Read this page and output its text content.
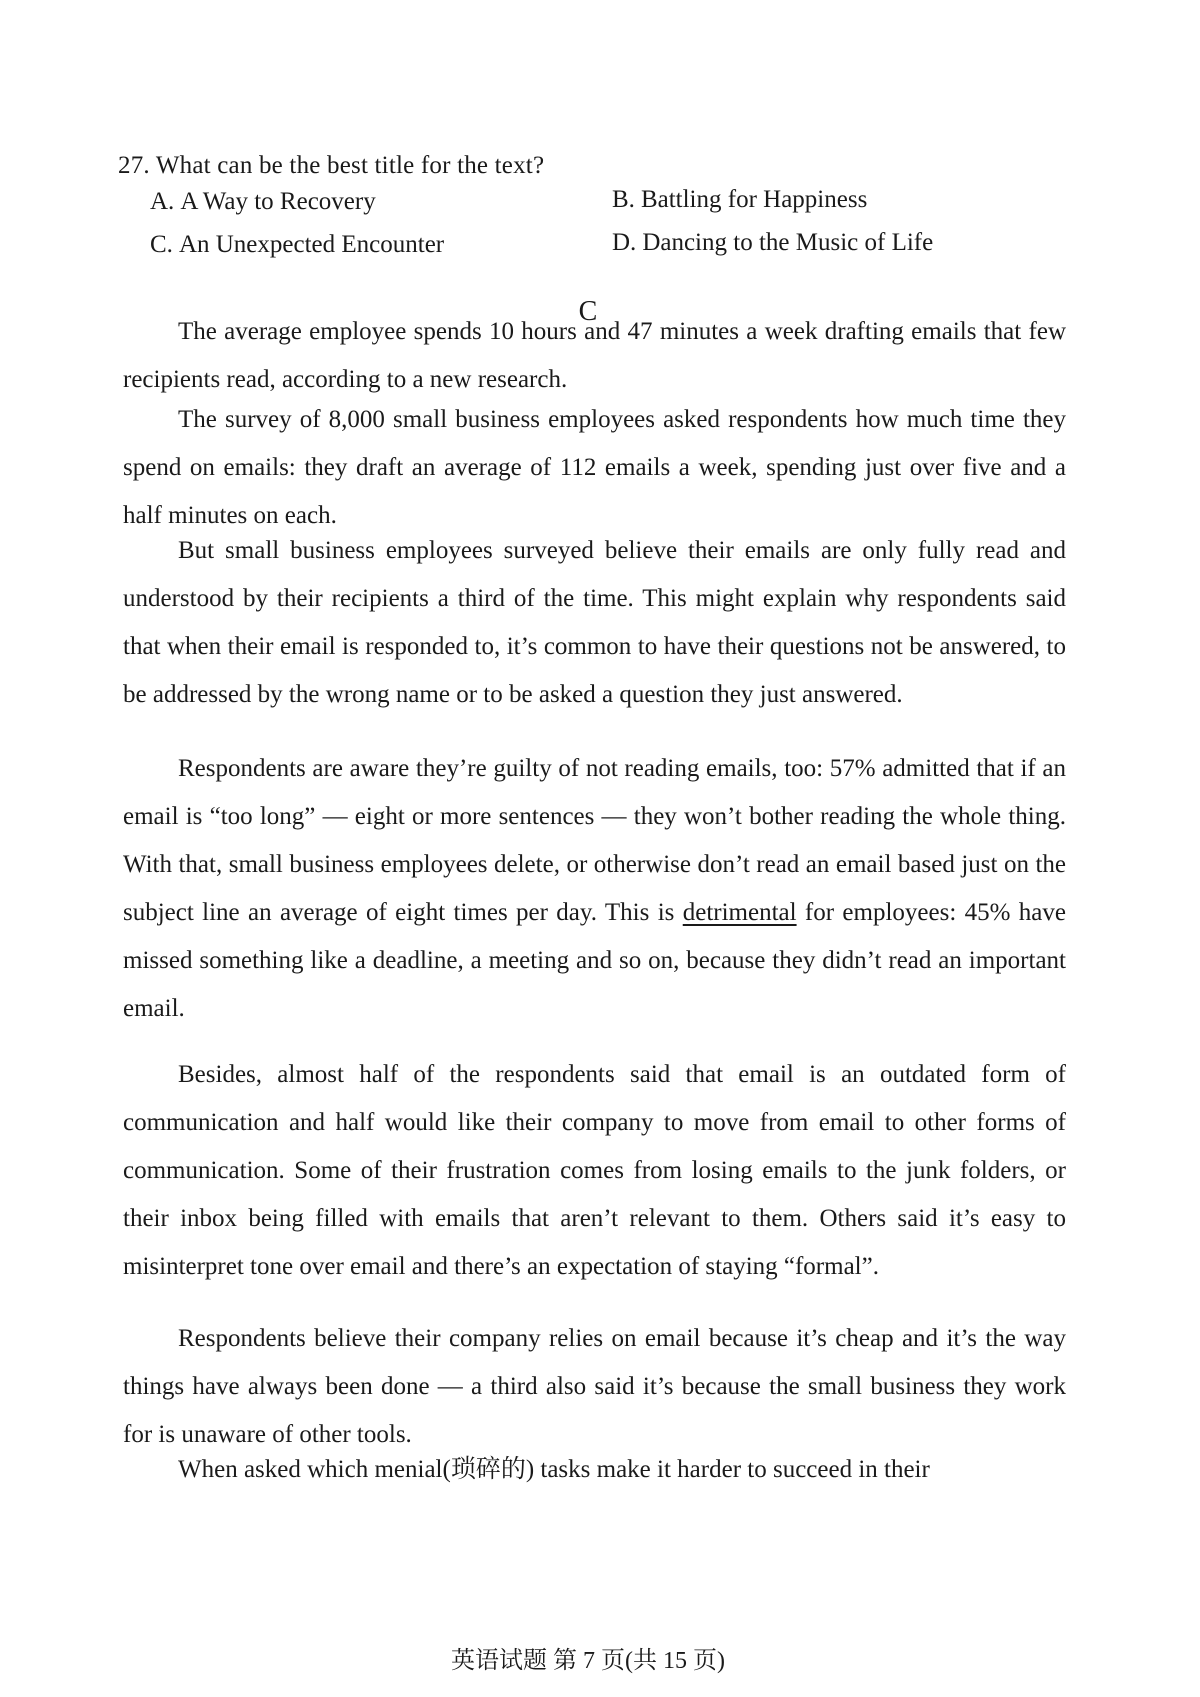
27. What can be the best title for the text?
A. A Way to Recovery	B. Battling for Happiness
C. An Unexpected Encounter	D. Dancing to the Music of Life
C

The average employee spends 10 hours and 47 minutes a week drafting emails that few recipients read, according to a new research.

The survey of 8,000 small business employees asked respondents how much time they spend on emails: they draft an average of 112 emails a week, spending just over five and a half minutes on each.

But small business employees surveyed believe their emails are only fully read and understood by their recipients a third of the time. This might explain why respondents said that when their email is responded to, it’s common to have their questions not be answered, to be addressed by the wrong name or to be asked a question they just answered.

Respondents are aware they’re guilty of not reading emails, too: 57% admitted that if an email is “too long” — eight or more sentences — they won’t bother reading the whole thing. With that, small business employees delete, or otherwise don’t read an email based just on the subject line an average of eight times per day. This is detrimental for employees: 45% have missed something like a deadline, a meeting and so on, because they didn’t read an important email.

Besides, almost half of the respondents said that email is an outdated form of communication and half would like their company to move from email to other forms of communication. Some of their frustration comes from losing emails to the junk folders, or their inbox being filled with emails that aren’t relevant to them. Others said it’s easy to misinterpret tone over email and there’s an expectation of staying “formal”.

Respondents believe their company relies on email because it’s cheap and it’s the way things have always been done — a third also said it’s because the small business they work for is unaware of other tools.

When asked which menial(琐碎的) tasks make it harder to succeed in their

英语试题 第 7 页(共 15 页)
